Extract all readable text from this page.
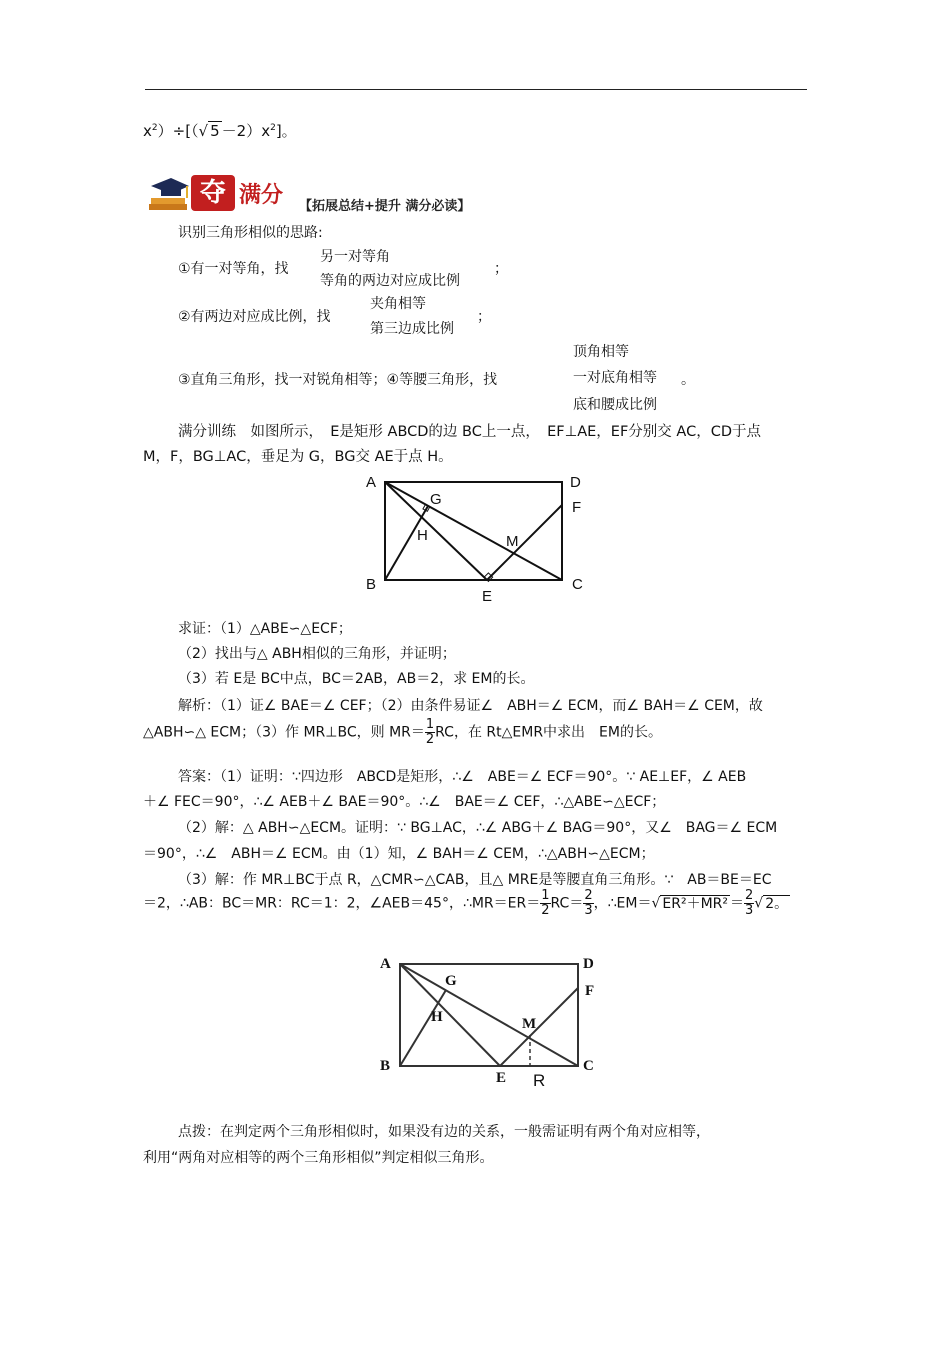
$x^2)\div[(√$ $5 -2)x^2$]。
夺 满分 【拓展总结+提升 满分必读】
识别三角形相似的思路:
①有一对等角，找
另一对等角
等角的两边对应成比例
；
②有两边对应成比例，找
夹角相等
第三边成比例
；
③直角三角形，找一对锐角相等；④等腰三角形，找
顶角相等
一对底角相等
底和腰成比例
。
满分训练　如图所示，　E是矩形 ABCD的边 BC上一点，　EF⊥AE，EF分别交 AC，CD于点
M，F，BG⊥AC，垂足为 G，BG交 AE于点 H。
A	D
G	F
H	M
B	C
E
求证：（1）△ABE∽△ECF；
（2）找出与△ ABH相似的三角形，并证明；
（3）若 E是 BC中点，BC＝2AB，AB＝2，求 EM的长。
解析：（1）证∠ BAE＝∠ CEF；（2）由条件易证∠　ABH＝∠ ECM，而∠ BAH＝∠ CEM，故
△ABH∽△ ECM；（3）作 MR⊥BC，则 $MR= \frac{1}{2}$ RC，在 Rt△EMR中求出　EM的长。
答案：（1）证明：∵四边形　ABCD是矩形，∴∠　ABE＝∠ ECF＝90°。∵ AE⊥EF，∠ AEB
＋∠ FEC＝90°，∴∠ AEB＋∠ BAE＝90°。∴∠　BAE＝∠ CEF，∴△ABE∽△ECF；
（2）解：△ ABH∽△ECM。证明：∵ BG⊥AC，∴∠ ABG＋∠ BAG＝90°，又∠　BAG＝∠ ECM
＝90°，∴∠　ABH＝∠ ECM。由（1）知，∠ BAH＝∠ CEM，∴△ABH∽△ECM；
（3）解：作 MR⊥BC于点 R，△CMR∽△CAB，且△ MRE是等腰直角三角形。∵　AB＝BE＝EC
＝2，∴AB：BC＝MR：RC＝1：2，∠AEB＝45°，∴MR＝ER＝ $\frac{1}{2} RC= \frac{2}{3}$ ，∴EM＝√ $ER^2+MR^2 = \frac{2}{3}$ √ 2。
A	D
G
F
H	M
B
E
C
R
点拨：在判定两个三角形相似时，如果没有边的关系，一般需证明有两个角对应相等，
利用“两角对应相等的两个三角形相似”判定相似三角形。
